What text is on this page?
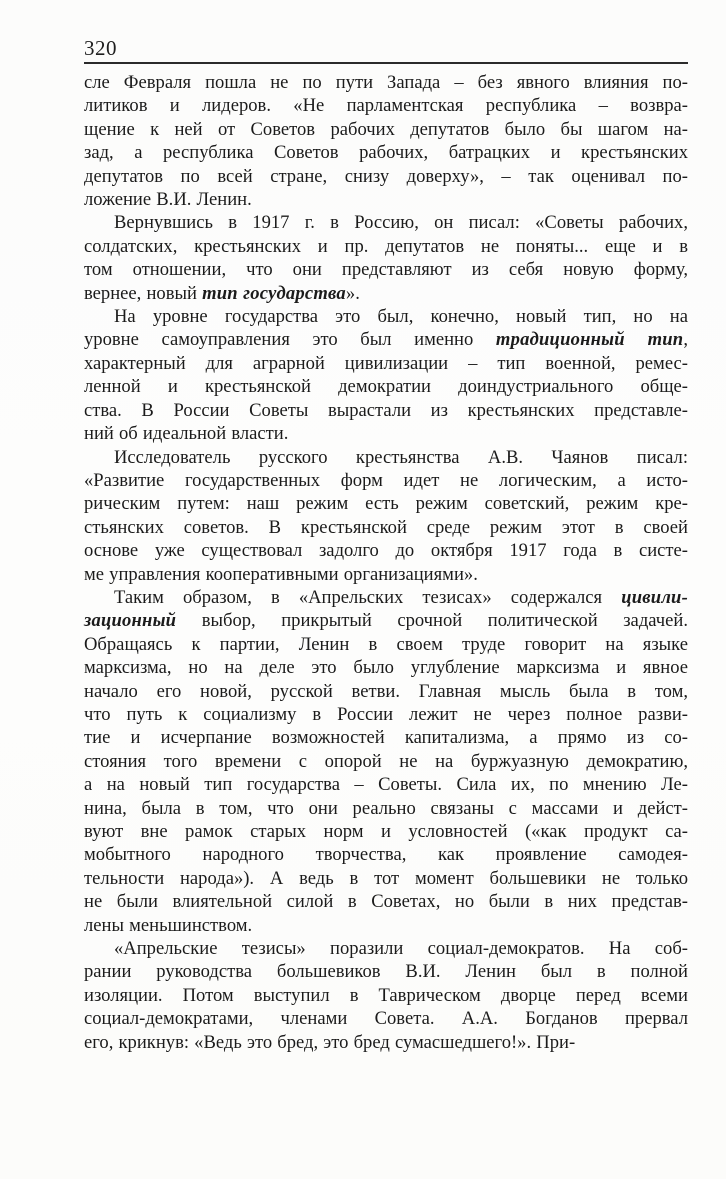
320
сле Февраля пошла не по пути Запада – без явного влияния по-
литиков и лидеров. «Не парламентская республика – возвра-
щение к ней от Советов рабочих депутатов было бы шагом на-
зад, а республика Советов рабочих, батрацких и крестьянских
депутатов по всей стране, снизу доверху», – так оценивал по-
ложение В.И. Ленин.
Вернувшись в 1917 г. в Россию, он писал: «Советы рабочих,
солдатских, крестьянских и пр. депутатов не поняты... еще и в
том отношении, что они представляют из себя новую форму,
вернее, новый тип государства».
На уровне государства это был, конечно, новый тип, но на
уровне самоуправления это был именно традиционный тип,
характерный для аграрной цивилизации – тип военной, ремес-
ленной и крестьянской демократии доиндустриального обще-
ства. В России Советы вырастали из крестьянских представле-
ний об идеальной власти.
Исследователь русского крестьянства А.В. Чаянов писал:
«Развитие государственных форм идет не логическим, а исто-
рическим путем: наш режим есть режим советский, режим кре-
стьянских советов. В крестьянской среде режим этот в своей
основе уже существовал задолго до октября 1917 года в систе-
ме управления кооперативными организациями».
Таким образом, в «Апрельских тезисах» содержался цивили-
зационный выбор, прикрытый срочной политической задачей.
Обращаясь к партии, Ленин в своем труде говорит на языке
марксизма, но на деле это было углубление марксизма и явное
начало его новой, русской ветви. Главная мысль была в том,
что путь к социализму в России лежит не через полное разви-
тие и исчерпание возможностей капитализма, а прямо из со-
стояния того времени с опорой не на буржуазную демократию,
а на новый тип государства – Советы. Сила их, по мнению Ле-
нина, была в том, что они реально связаны с массами и дейст-
вуют вне рамок старых норм и условностей («как продукт са-
мобытного народного творчества, как проявление самодея-
тельности народа»). А ведь в тот момент большевики не только
не были влиятельной силой в Советах, но были в них представ-
лены меньшинством.
«Апрельские тезисы» поразили социал-демократов. На соб-
рании руководства большевиков В.И. Ленин был в полной
изоляции. Потом выступил в Таврическом дворце перед всеми
социал-демократами, членами Совета. А.А. Богданов прервал
его, крикнув: «Ведь это бред, это бред сумасшедшего!». При-
